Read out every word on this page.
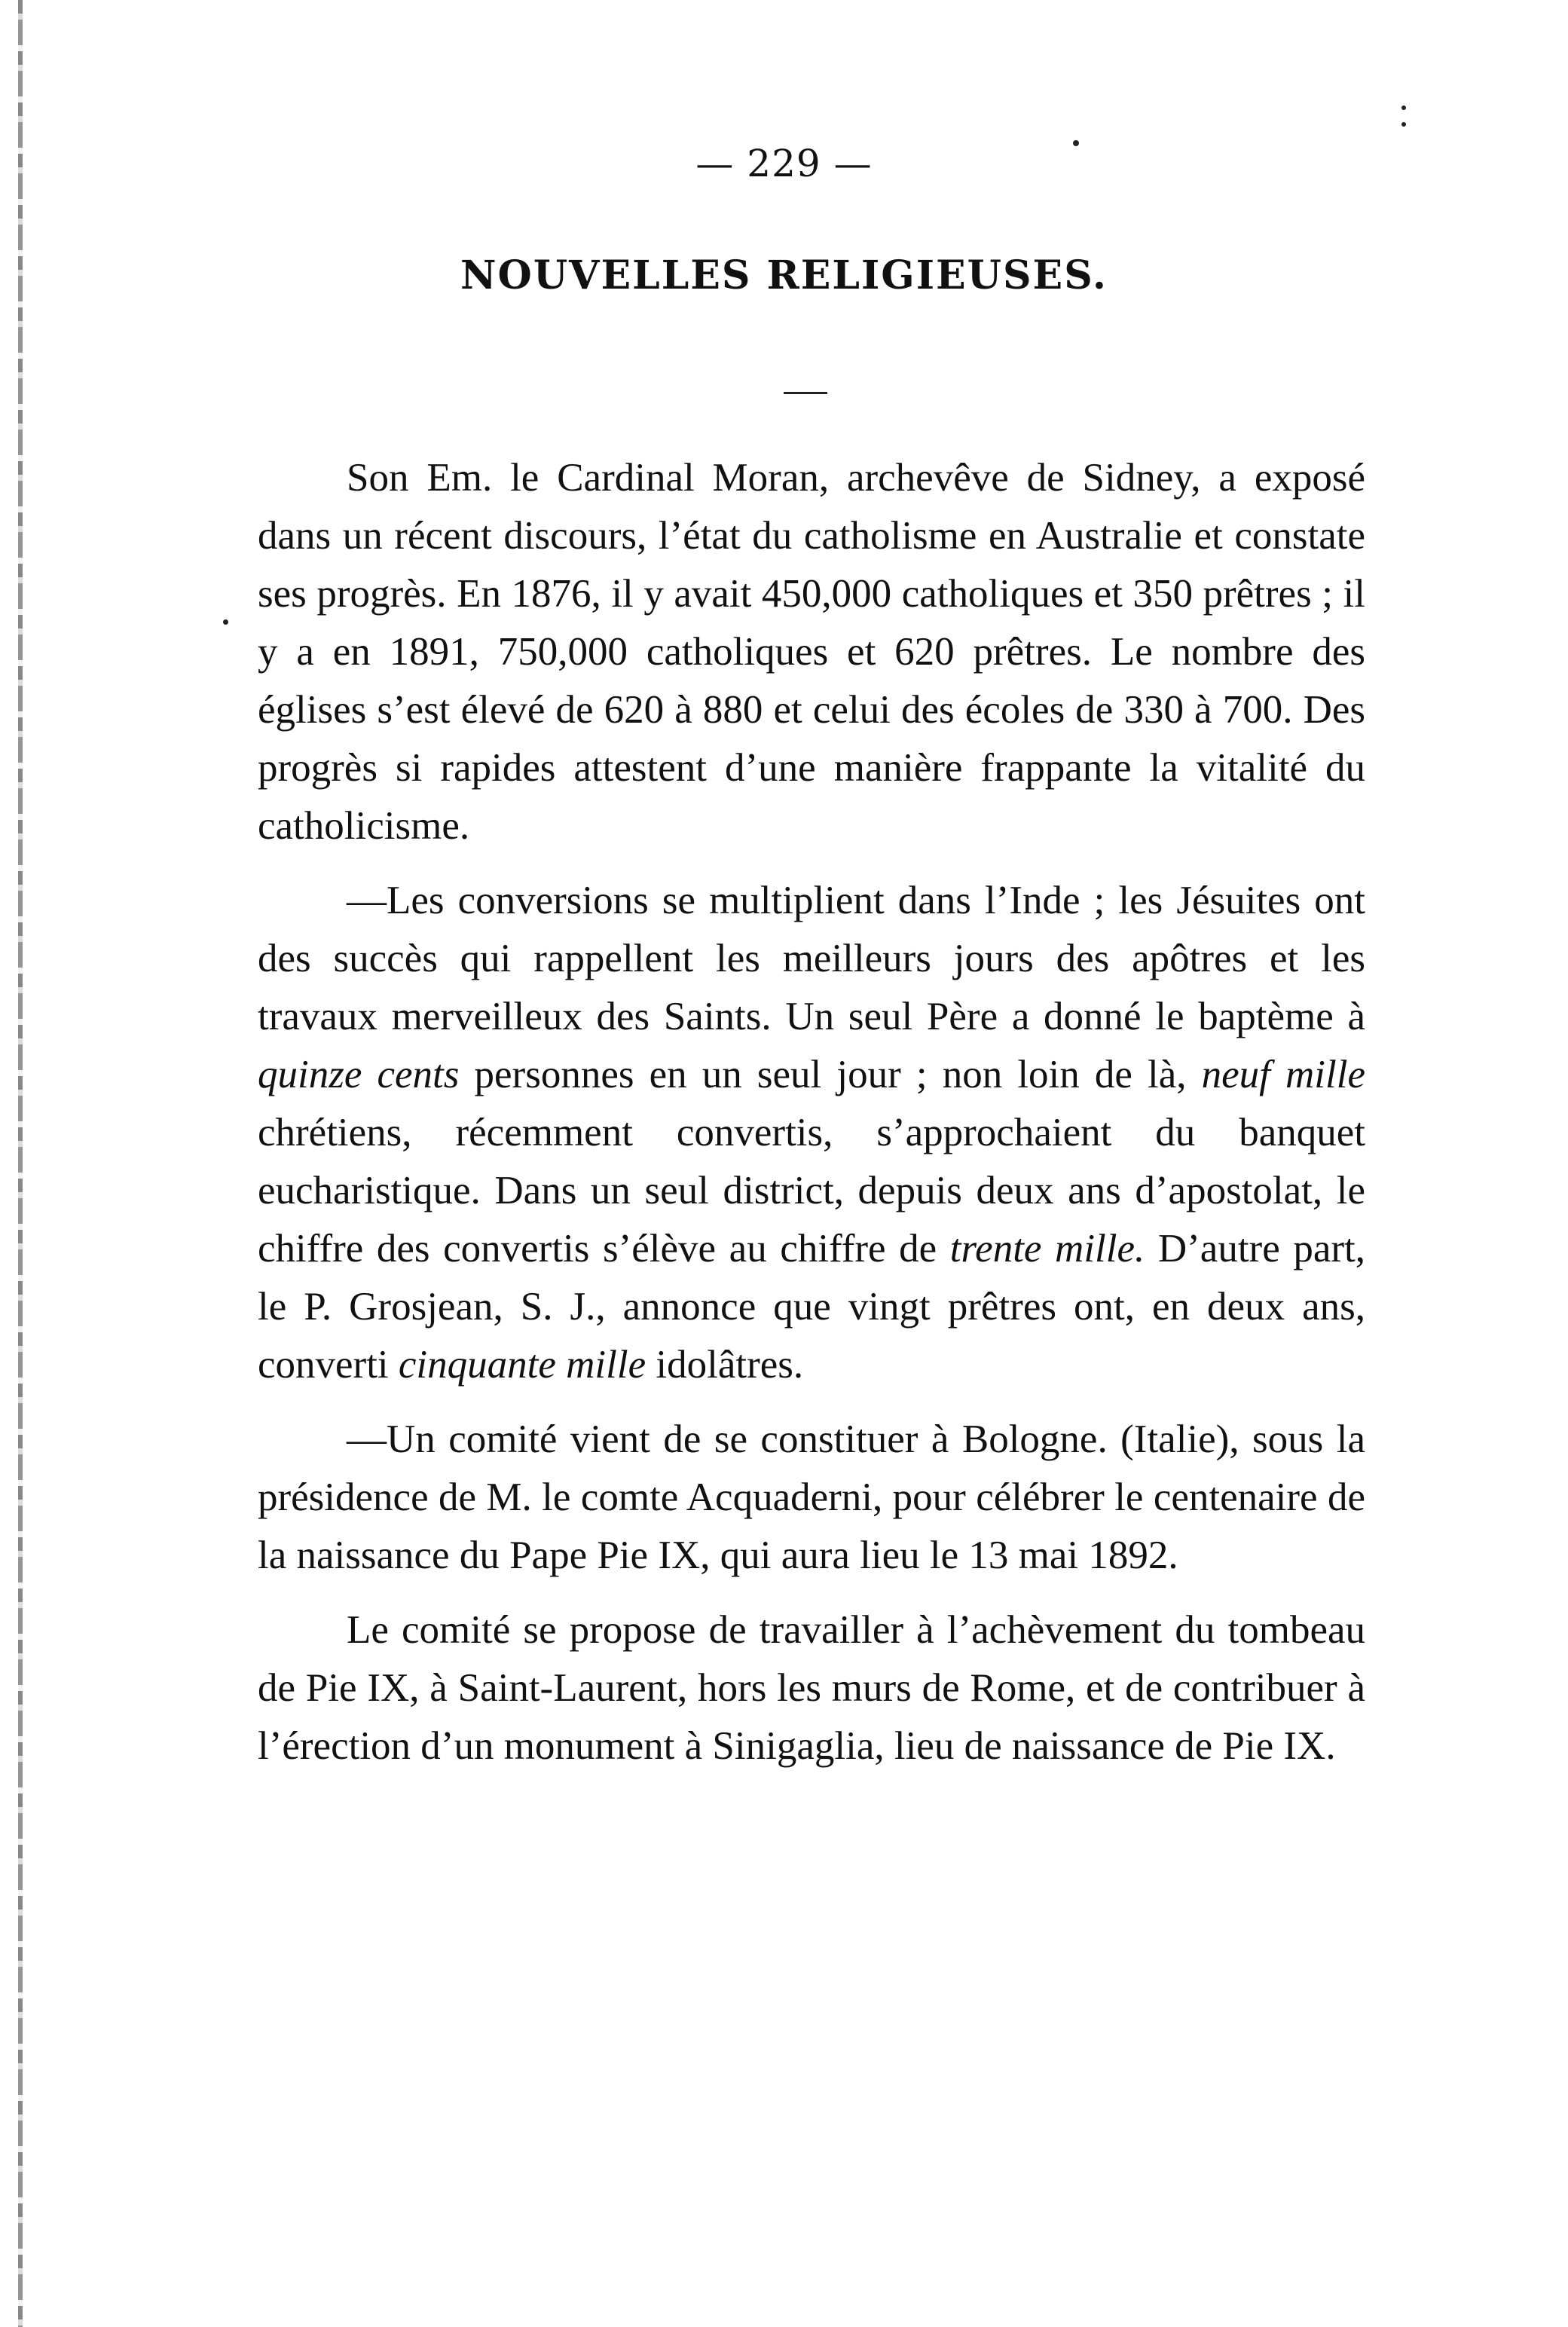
— 229 —
NOUVELLES RELIGIEUSES.

Son Em. le Cardinal Moran, archevêve de Sidney, a exposé dans un récent discours, l’état du catholisme en Australie et constate ses progrès. En 1876, il y avait 450,000 catholiques et 350 prêtres ; il y a en 1891, 750,000 catholiques et 620 prêtres. Le nombre des églises s’est élevé de 620 à 880 et celui des écoles de 330 à 700. Des progrès si rapides attestent d’une manière frappante la vitalité du catholicisme.

—Les conversions se multiplient dans l’Inde ; les Jésuites ont des succès qui rappellent les meilleurs jours des apôtres et les travaux merveilleux des Saints. Un seul Père a donné le baptème à quinze cents personnes en un seul jour ; non loin de là, neuf mille chrétiens, récemment convertis, s’approchaient du banquet eucharistique. Dans un seul district, depuis deux ans d’apostolat, le chiffre des convertis s’élève au chiffre de trente mille. D’autre part, le P. Grosjean, S. J., annonce que vingt prêtres ont, en deux ans, converti cinquante mille idolâtres.

—Un comité vient de se constituer à Bologne. (Italie), sous la présidence de M. le comte Acquaderni, pour célébrer le centenaire de la naissance du Pape Pie IX, qui aura lieu le 13 mai 1892.

Le comité se propose de travailler à l’achèvement du tombeau de Pie IX, à Saint-Laurent, hors les murs de Rome, et de contribuer à l’érection d’un monument à Sinigaglia, lieu de naissance de Pie IX.
